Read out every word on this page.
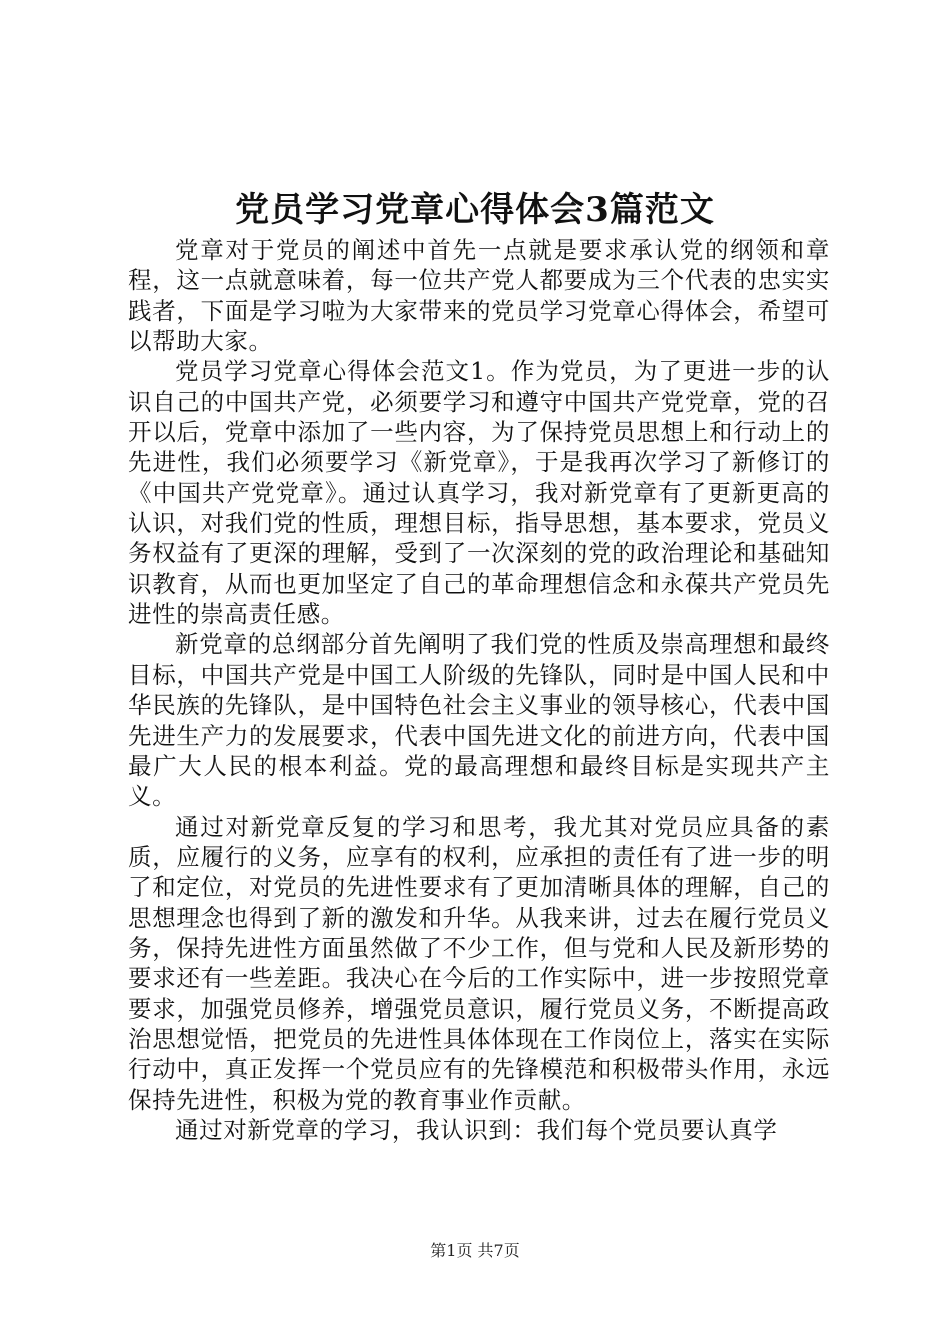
党员学习党章心得体会3篇范文

党章对于党员的阐述中首先一点就是要求承认党的纲领和章程，这一点就意味着，每一位共产党人都要成为三个代表的忠实实践者，下面是学习啦为大家带来的党员学习党章心得体会，希望可以帮助大家。

党员学习党章心得体会范文1。作为党员，为了更进一步的认识自己的中国共产党，必须要学习和遵守中国共产党党章，党的召开以后，党章中添加了一些内容，为了保持党员思想上和行动上的先进性，我们必须要学习《新党章》，于是我再次学习了新修订的《中国共产党党章》。通过认真学习，我对新党章有了更新更高的认识，对我们党的性质，理想目标，指导思想，基本要求，党员义务权益有了更深的理解，受到了一次深刻的党的政治理论和基础知识教育，从而也更加坚定了自己的革命理想信念和永葆共产党员先进性的崇高责任感。

新党章的总纲部分首先阐明了我们党的性质及崇高理想和最终目标，中国共产党是中国工人阶级的先锋队，同时是中国人民和中华民族的先锋队，是中国特色社会主义事业的领导核心，代表中国先进生产力的发展要求，代表中国先进文化的前进方向，代表中国最广大人民的根本利益。党的最高理想和最终目标是实现共产主义。

通过对新党章反复的学习和思考，我尤其对党员应具备的素质，应履行的义务，应享有的权利，应承担的责任有了进一步的明了和定位，对党员的先进性要求有了更加清晰具体的理解，自己的思想理念也得到了新的激发和升华。从我来讲，过去在履行党员义务，保持先进性方面虽然做了不少工作，但与党和人民及新形势的要求还有一些差距。我决心在今后的工作实际中，进一步按照党章要求，加强党员修养，增强党员意识，履行党员义务，不断提高政治思想觉悟，把党员的先进性具体体现在工作岗位上，落实在实际行动中，真正发挥一个党员应有的先锋模范和积极带头作用，永远保持先进性，积极为党的教育事业作贡献。

通过对新党章的学习，我认识到：我们每个党员要认真学

第1页 共7页
